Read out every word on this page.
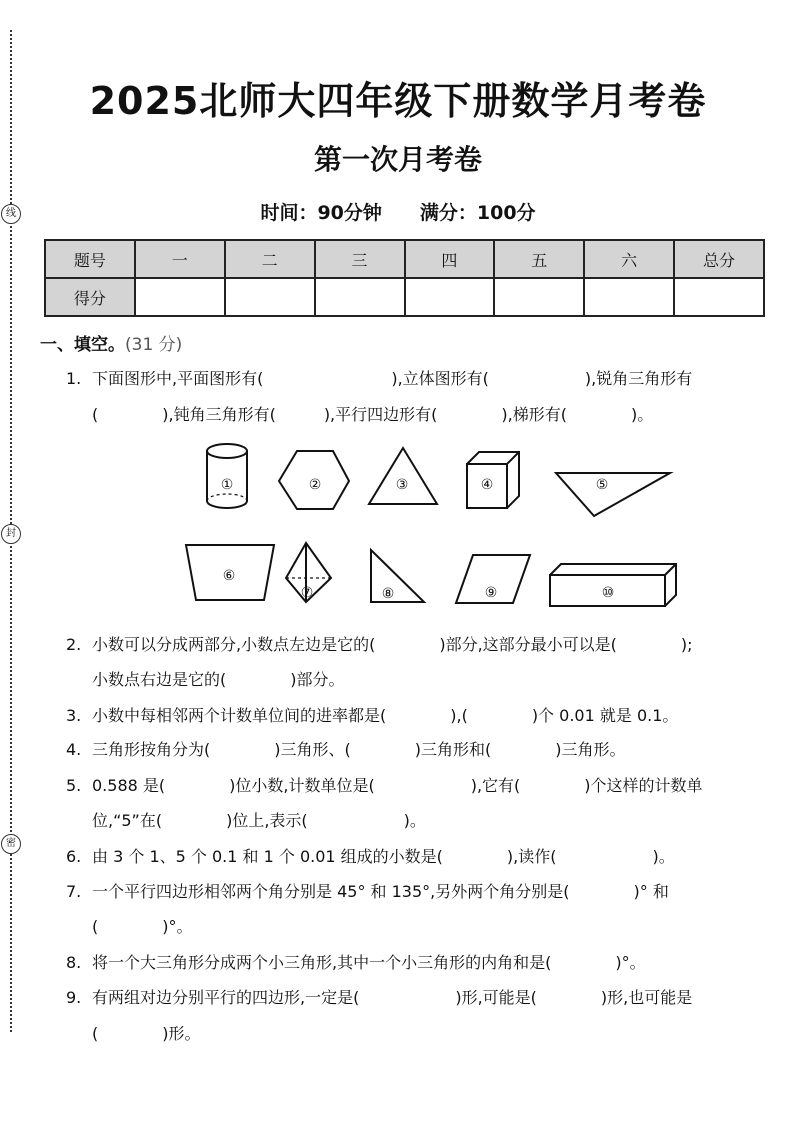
线
封
密
2025北师大四年级下册数学月考卷
第一次月考卷
时间：90分钟 满分：100分
题号	一	二	三	四	五	六	总分
得分							
一、填空。(31 分)
1. 下面图形中,平面图形有(　　　　　　　　),立体图形有(　　　　　　),锐角三角形有
(　　　　),钝角三角形有(　　　),平行四边形有(　　　　),梯形有(　　　　)。
①	②	③	④	⑤
⑥
⑦	⑧	⑨	⑩
2. 小数可以分成两部分,小数点左边是它的(　　　　)部分,这部分最小可以是(　　　　);
小数点右边是它的(　　　　)部分。
3. 小数中每相邻两个计数单位间的进率都是(　　　　),(　　　　)个 0.01 就是 0.1。
4. 三角形按角分为(　　　　)三角形、(　　　　)三角形和(　　　　)三角形。
5. 0.588 是(　　　　)位小数,计数单位是(　　　　　　),它有(　　　　)个这样的计数单
位,“5”在(　　　　)位上,表示(　　　　　　)。
6. 由 3 个 1、5 个 0.1 和 1 个 0.01 组成的小数是(　　　　),读作(　　　　　　)。
7. 一个平行四边形相邻两个角分别是 45° 和 135°,另外两个角分别是(　　　　)° 和
(　　　　)°。
8. 将一个大三角形分成两个小三角形,其中一个小三角形的内角和是(　　　　)°。
9. 有两组对边分别平行的四边形,一定是(　　　　　　)形,可能是(　　　　)形,也可能是
(　　　　)形。
